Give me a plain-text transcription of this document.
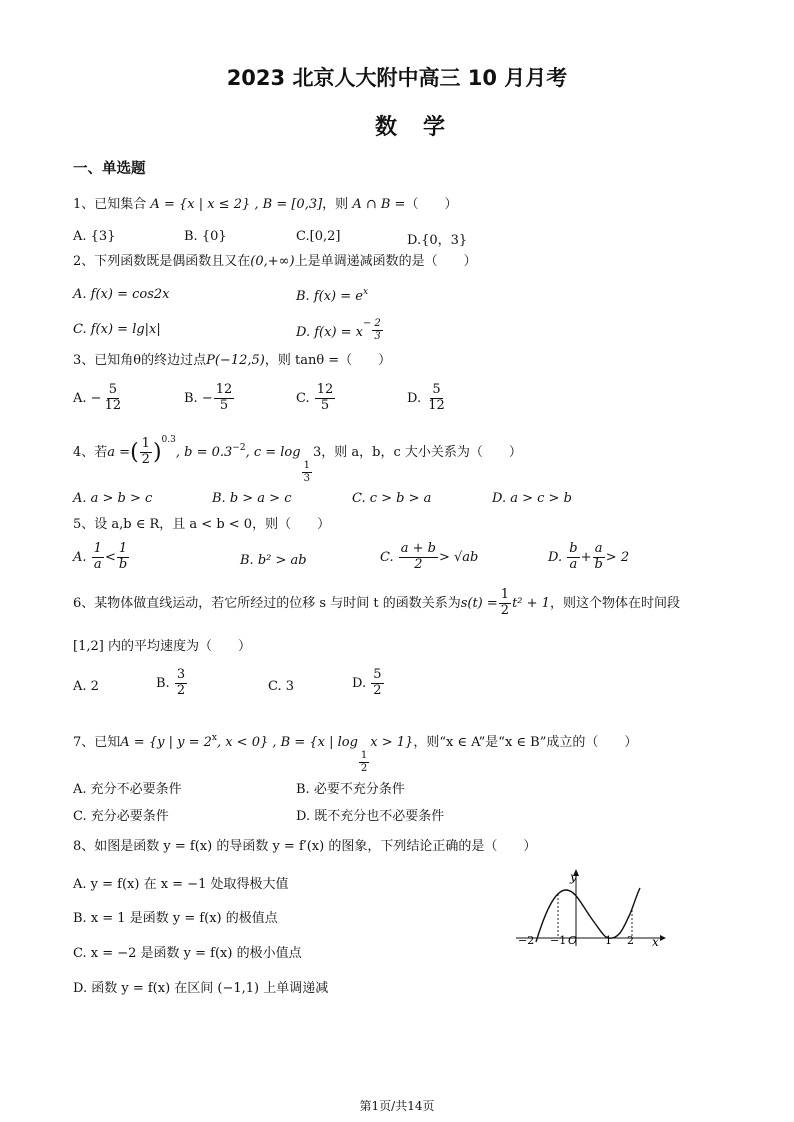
2023 北京人大附中高三 10 月月考
数学
一、单选题
1、已知集合 A = {x | x ≤ 2} , B = [0,3]，则 A ∩ B =（　　）
A. {3}	B. {0}	C.[0,2]	D.{0，3}
2、下列函数既是偶函数且又在(0,+∞)上是单调递减函数的是（　　）
A. f(x) = cos2x	B. $f(x) = e^x$
C. f(x) = lg|x|	D. $f(x) = x^- \frac{2}{3}$
3、已知角θ的终边过点P(−12,5)，则 tanθ =（　　）
A. − $\frac{5}{12}$	B. − $\frac{12}{5}$	C. $\frac{12}{5}$	D. $\frac{5}{12}$
4、若a =( $\frac{1}{2} )^{0.3}$, $b = 0.3^{-2}$, c = log
$\frac{1}{3}$
3，则 a，b，c 大小关系为（　　）
A. a > b > c	B. b > a > c	C. c > b > a	D. a > c > b
5、设 a,b ∈ R，且 a < b < 0，则（　　）
A. $\frac{1}{a} < \frac{1}{b}$	B. b² > ab	C. $\frac{a + b}{2} > √ab$	D. $\frac{b}{a} + \frac{a}{b} > 2$
6、某物体做直线运动，若它所经过的位移 s 与时间 t 的函数关系为$s(t) = \frac{1}{2} t^2 + 1$，则这个物体在时间段
[1,2] 内的平均速度为（　　）
A. 2	B. $\frac{3}{2}$	C. 3	D. $\frac{5}{2}$
7、已知A = {y | $y = 2^x$, x < 0} , B = {x | log
$\frac{1}{2}$
x > 1}，则“x ∈ A”是“x ∈ B”成立的（　　）
A. 充分不必要条件	B. 必要不充分条件
C. 充分必要条件	D. 既不充分也不必要条件
8、如图是函数 y = f(x) 的导函数 y = f′(x) 的图象，下列结论正确的是（　　）
A. y = f(x) 在 x = −1 处取得极大值
B. x = 1 是函数 y = f(x) 的极值点
C. x = −2 是函数 y = f(x) 的极小值点
D. 函数 y = f(x) 在区间 (−1,1) 上单调递减
y
x
−2 −1 O	1 2
第1页/共14页
